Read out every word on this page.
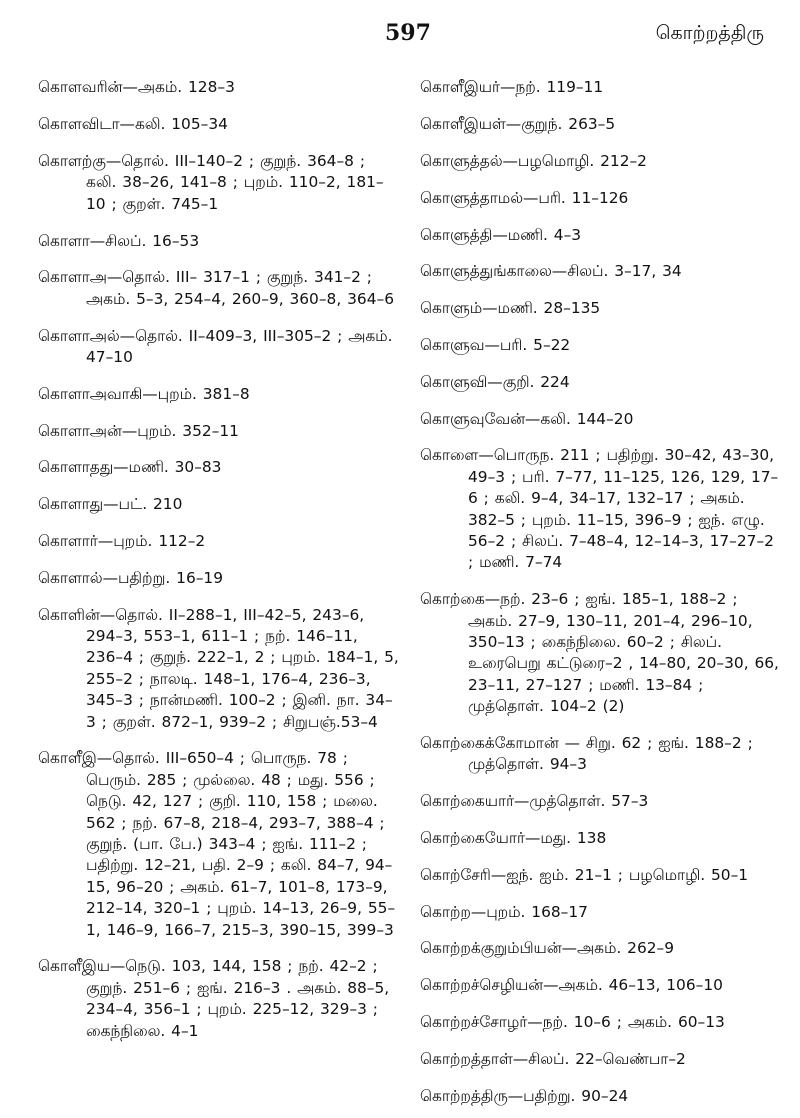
597	கொற்றத்திரு

கொளவரின்—அகம். 128–3

கொளவிடா—கலி. 105–34

கொளற்கு—தொல். III–140–2 ; குறுந். 364–8 ; கலி. 38–26, 141–8 ; புறம். 110–2, 181–10 ; குறள். 745–1

கொளா—சிலப். 16–53

கொளாஅ—தொல். III– 317–1 ; குறுந். 341–2 ; அகம். 5–3, 254–4, 260–9, 360–8, 364–6

கொளாஅல்—தொல். II–409–3, III–305–2 ; அகம். 47–10

கொளாஅவாகி—புறம். 381–8

கொளாஅன்—புறம். 352–11

கொளாதது—மணி. 30–83

கொளாது—பட். 210

கொளார்—புறம். 112–2

கொளால்—பதிற்று. 16–19

கொளின்—தொல். II–288–1, III–42–5, 243–6, 294–3, 553–1, 611–1 ; நற். 146–11, 236–4 ; குறுந். 222–1, 2 ; புறம். 184–1, 5, 255–2 ; நாலடி. 148–1, 176–4, 236–3, 345–3 ; நான்மணி. 100–2 ; இனி. நா. 34–3 ; குறள். 872–1, 939–2 ; சிறுபஞ்.53–4

கொளீஇ—தொல். III–650–4 ; பொருந. 78 ; பெரும். 285 ; முல்லை. 48 ; மது. 556 ; நெடு. 42, 127 ; குறி. 110, 158 ; மலை. 562 ; நற். 67–8, 218–4, 293–7, 388–4 ; குறுந். (பா. பே.) 343–4 ; ஐங். 111–2 ; பதிற்று. 12–21, பதி. 2–9 ; கலி. 84–7, 94–15, 96–20 ; அகம். 61–7, 101–8, 173–9, 212–14, 320–1 ; புறம். 14–13, 26–9, 55–1, 146–9, 166–7, 215–3, 390–15, 399–3

கொளீஇய—நெடு. 103, 144, 158 ; நற். 42–2 ; குறுந். 251–6 ; ஐங். 216–3 . அகம். 88–5, 234–4, 356–1 ; புறம். 225–12, 329–3 ; கைந்நிலை. 4–1

கொளீஇயர்—நற். 119–11

கொளீஇயள்—குறுந். 263–5

கொளுத்தல்—பழமொழி. 212–2

கொளுத்தாமல்—பரி. 11–126

கொளுத்தி—மணி. 4–3

கொளுத்துங்காலை—சிலப். 3–17, 34

கொளும்—மணி. 28–135

கொளுவ—பரி. 5–22

கொளுவி—குறி. 224

கொளுவுவேன்—கலி. 144–20

கொளை—பொருந. 211 ; பதிற்று. 30–42, 43–30, 49–3 ; பரி. 7–77, 11–125, 126, 129, 17–6 ; கலி. 9–4, 34–17, 132–17 ; அகம். 382–5 ; புறம். 11–15, 396–9 ; ஐந். எழு. 56–2 ; சிலப். 7–48–4, 12–14–3, 17–27–2 ; மணி. 7–74

கொற்கை—நற். 23–6 ; ஐங். 185–1, 188–2 ; அகம். 27–9, 130–11, 201–4, 296–10, 350–13 ; கைந்நிலை. 60–2 ; சிலப். உரைபெறு கட்டுரை–2 , 14–80, 20–30, 66, 23–11, 27–127 ; மணி. 13–84 ; முத்தொள். 104–2 (2)

கொற்கைக்கோமான் — சிறு. 62 ; ஐங். 188–2 ; முத்தொள். 94–3

கொற்கையார்—முத்தொள். 57–3

கொற்கையோர்—மது. 138

கொற்சேரி—ஐந். ஐம். 21–1 ; பழமொழி. 50–1

கொற்ற—புறம். 168–17

கொற்றக்குறும்பியன்—அகம். 262–9

கொற்றச்செழியன்—அகம். 46–13, 106–10

கொற்றச்சோழர்—நற். 10–6 ; அகம். 60–13

கொற்றத்தாள்—சிலப். 22–வெண்பா–2

கொற்றத்திரு—பதிற்று. 90–24
